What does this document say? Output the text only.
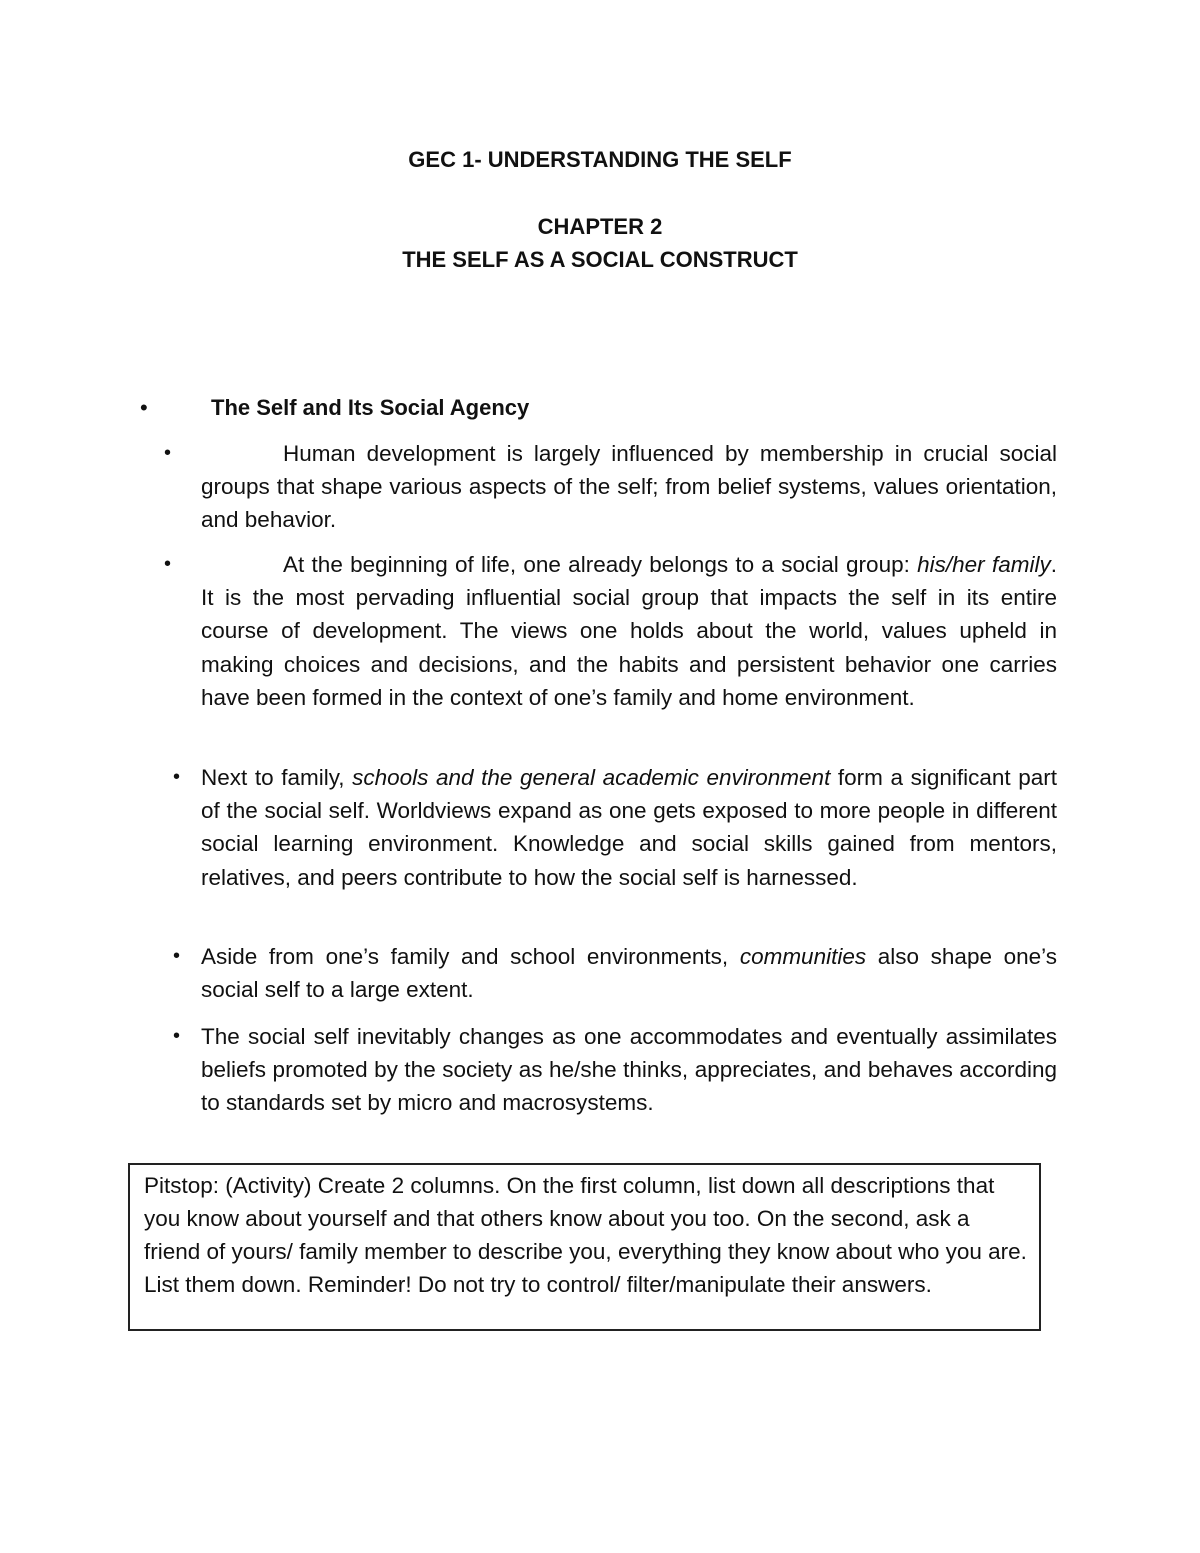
GEC 1- UNDERSTANDING THE SELF
CHAPTER 2
THE SELF AS A SOCIAL CONSTRUCT
•	The Self and Its Social Agency
•	Human development is largely influenced by membership in crucial social groups that shape various aspects of the self; from belief systems, values orientation, and behavior.
•	At the beginning of life, one already belongs to a social group: his/her family. It is the most pervading influential social group that impacts the self in its entire course of development. The views one holds about the world, values upheld in making choices and decisions, and the habits and persistent behavior one carries have been formed in the context of one’s family and home environment.
• Next to family, schools and the general academic environment form a significant part of the social self. Worldviews expand as one gets exposed to more people in different social learning environment. Knowledge and social skills gained from mentors, relatives, and peers contribute to how the social self is harnessed.
• Aside from one’s family and school environments, communities also shape one’s social self to a large extent.
• The social self inevitably changes as one accommodates and eventually assimilates beliefs promoted by the society as he/she thinks, appreciates, and behaves according to standards set by micro and macrosystems.
Pitstop: (Activity) Create 2 columns. On the first column, list down all descriptions that you know about yourself and that others know about you too. On the second, ask a friend of yours/ family member to describe you, everything they know about who you are. List them down. Reminder! Do not try to control/ filter/manipulate their answers.
